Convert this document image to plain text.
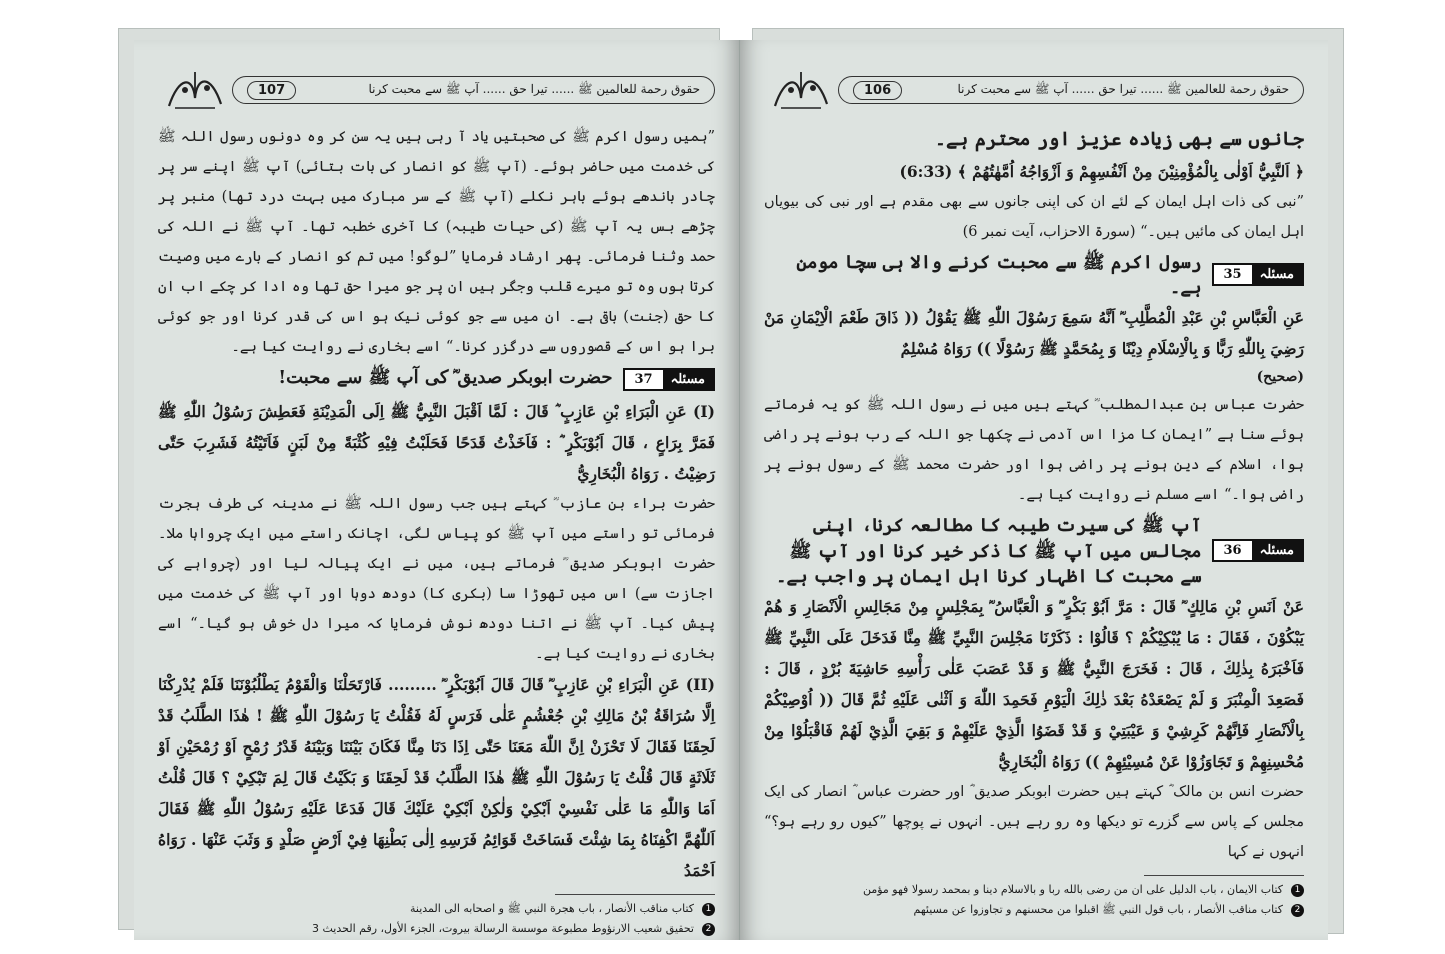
حقوق رحمة للعالمین ﷺ ...... تیرا حق ...... آپ ﷺ سے محبت کرنا
107

”ہمیں رسول اکرم ﷺ کی صحبتیں یاد آ رہی ہیں یہ سن کر وہ دونوں رسول اللہ ﷺ کی خدمت میں حاضر ہوئے۔ (آپ ﷺ کو انصار کی بات بتائی) آپ ﷺ اپنے سر پر چادر باندھے ہوئے باہر نکلے (آپ ﷺ کے سر مبارک میں بہت درد تھا) منبر پر چڑھے بس یہ آپ ﷺ (کی حیات طیبہ) کا آخری خطبہ تھا۔ آپ ﷺ نے اللہ کی حمد وثنا فرمائی۔ پھر ارشاد فرمایا ”لوگو! میں تم کو انصار کے بارے میں وصیت کرتا ہوں وہ تو میرے قلب وجگر ہیں ان پر جو میرا حق تھا وہ ادا کر چکے اب ان کا حق (جنت) باقی ہے۔ ان میں سے جو کوئی نیک ہو اس کی قدر کرنا اور جو کوئی برا ہو اس کے قصوروں سے درگزر کرنا۔“ اسے بخاری نے روایت کیا ہے۔

مسئلہ
37
حضرت ابوبکر صدیق ؓ کی آپ ﷺ سے محبت!

(I) عَنِ الْبَرَاءِ بْنِ عَازِبٍ ؓ قَالَ : لَمَّا اَقْبَلَ النَّبِيُّ ﷺ اِلَى الْمَدِيْنَةِ فَعَطِشَ رَسُوْلُ اللّٰهِ ﷺ فَمَرَّ بِرَاعٍ ، قَالَ اَبُوْبَكْرٍ ؓ : فَاَخَذْتُ قَدَحًا فَحَلَبْتُ فِيْهِ كُثْبَةً مِنْ لَبَنٍ فَاَتَيْتُهُ فَشَرِبَ حَتّٰى رَضِيْتُ . رَوَاهُ الْبُخَارِيُّ

حضرت براء بن عازب ؓ کہتے ہیں جب رسول اللہ ﷺ نے مدینہ کی طرف ہجرت فرمائی تو راستے میں آپ ﷺ کو پیاس لگی، اچانک راستے میں ایک چرواہا ملا۔ حضرت ابوبکر صدیق ؓ فرماتے ہیں، میں نے ایک پیالہ لیا اور (چرواہے کی اجازت سے) اس میں تھوڑا سا (بکری کا) دودھ دوہا اور آپ ﷺ کی خدمت میں پیش کیا۔ آپ ﷺ نے اتنا دودھ نوش فرمایا کہ میرا دل خوش ہو گیا۔“ اسے بخاری نے روایت کیا ہے۔

(II) عَنِ الْبَرَاءِ بْنِ عَازِبٍ ؓ قَالَ قَالَ اَبُوْبَكْرٍ ؓ ......... فَارْتَحَلْنَا وَالْقَوْمُ يَطْلُبُوْنَنَا فَلَمْ يُدْرِكْنَا اِلَّا سُرَاقَةُ بْنُ مَالِكِ بْنِ جُعْشُمٍ عَلٰى فَرَسٍ لَهُ فَقُلْتُ يَا رَسُوْلَ اللّٰهِ ﷺ ! هٰذَا الطَّلَبُ قَدْ لَحِقَنَا فَقَالَ لَا تَحْزَنْ اِنَّ اللّٰهَ مَعَنَا حَتّٰى اِذَا دَنَا مِنَّا فَكَانَ بَيْنَنَا وَبَيْنَهُ قَدْرُ رُمْحٍ اَوْ رُمْحَيْنِ اَوْ ثَلَاثَةٍ قَالَ قُلْتُ يَا رَسُوْلَ اللّٰهِ ﷺ هٰذَا الطَّلَبُ قَدْ لَحِقَنَا وَ بَكَيْتُ قَالَ لِمَ تَبْكِيْ ؟ قَالَ قُلْتُ اَمَا وَاللّٰهِ مَا عَلٰى نَفْسِيْ اَبْكِيْ وَلٰكِنْ اَبْكِيْ عَلَيْكَ قَالَ فَدَعَا عَلَيْهِ رَسُوْلُ اللّٰهِ ﷺ فَقَالَ اَللّٰهُمَّ اكْفِنَاهُ بِمَا شِئْتَ فَسَاخَتْ قَوَائِمُ فَرَسِهِ اِلٰى بَطْنِهَا فِيْ اَرْضٍ صَلْدٍ وَ وَثَبَ عَنْهَا . رَوَاهُ اَحْمَدُ

1
كتاب مناقب الأنصار ، باب هجرة النبي ﷺ و اصحابه الى المدينة

2
تحقيق شعيب الارنؤوط مطبوعة موسسة الرسالة بيروت، الجزء الأول، رقم الحديث 3

حقوق رحمة للعالمین ﷺ ...... تیرا حق ...... آپ ﷺ سے محبت کرنا
106

جانوں سے بھی زیادہ عزیز اور محترم ہے۔

﴿ اَلنَّبِيُّ اَوْلٰى بِالْمُؤْمِنِيْنَ مِنْ اَنْفُسِهِمْ وَ اَزْوَاجُهُ اُمَّهٰتُهُمْ ﴾ (6:33)

”نبی کی ذات اہل ایمان کے لئے ان کی اپنی جانوں سے بھی مقدم ہے اور نبی کی بیویاں اہل ایمان کی مائیں ہیں۔“ (سورۃ الاحزاب، آیت نمبر 6)

مسئلہ
35
رسول اکرم ﷺ سے محبت کرنے والا ہی سچا مومن ہے۔

عَنِ الْعَبَّاسِ بْنِ عَبْدِ الْمُطَّلِبِ ؓ اَنَّهُ سَمِعَ رَسُوْلَ اللّٰهِ ﷺ يَقُوْلُ (( ذَاقَ طَعْمَ الْاِيْمَانِ مَنْ رَضِيَ بِاللّٰهِ رَبًّا وَ بِالْاِسْلَامِ دِيْنًا وَ بِمُحَمَّدٍ ﷺ رَسُوْلًا )) رَوَاهُ مُسْلِمٌ

(صحیح)

حضرت عباس بن عبدالمطلب ؓ کہتے ہیں میں نے رسول اللہ ﷺ کو یہ فرماتے ہوئے سنا ہے ”ایمان کا مزا اس آدمی نے چکھا جو اللہ کے رب ہونے پر راضی ہوا، اسلام کے دین ہونے پر راضی ہوا اور حضرت محمد ﷺ کے رسول ہونے پر راضی ہوا۔“ اسے مسلم نے روایت کیا ہے۔

مسئلہ
36
آپ ﷺ کی سیرت طیبہ کا مطالعہ کرنا، اپنی مجالس میں آپ ﷺ کا ذکر خیر کرنا اور آپ ﷺ سے محبت کا اظہار کرنا اہل ایمان پر واجب ہے۔

عَنْ اَنَسِ بْنِ مَالِكٍ ؓ قَالَ : مَرَّ اَبُوْ بَكْرٍ ؓ وَ الْعَبَّاسُ ؓ بِمَجْلِسٍ مِنْ مَجَالِسِ الْاَنْصَارِ وَ هُمْ يَبْكُوْنَ ، فَقَالَ : مَا يُبْكِيْكُمْ ؟ قَالُوْا : ذَكَرْنَا مَجْلِسَ النَّبِيِّ ﷺ مِنَّا فَدَخَلَ عَلَى النَّبِيِّ ﷺ فَاَخْبَرَهُ بِذٰلِكَ ، قَالَ : فَخَرَجَ النَّبِيُّ ﷺ وَ قَدْ عَصَبَ عَلٰى رَأْسِهِ حَاشِيَةَ بُرْدٍ ، قَالَ : فَصَعِدَ الْمِنْبَرَ وَ لَمْ يَصْعَدْهُ بَعْدَ ذٰلِكَ الْيَوْمِ فَحَمِدَ اللّٰهَ وَ اَثْنٰى عَلَيْهِ ثُمَّ قَالَ (( اُوْصِيْكُمْ بِالْاَنْصَارِ فَاِنَّهُمْ كَرِشِيْ وَ عَيْبَتِيْ وَ قَدْ قَضَوُا الَّذِيْ عَلَيْهِمْ وَ بَقِيَ الَّذِيْ لَهُمْ فَاقْبَلُوْا مِنْ مُحْسِنِهِمْ وَ تَجَاوَزُوْا عَنْ مُسِيْئِهِمْ )) رَوَاهُ الْبُخَارِيُّ

حضرت انس بن مالک ؓ کہتے ہیں حضرت ابوبکر صدیق ؓ اور حضرت عباس ؓ انصار کی ایک مجلس کے پاس سے گزرے تو دیکھا وہ رو رہے ہیں۔ انہوں نے پوچھا ”کیوں رو رہے ہو؟“ انہوں نے کہا

1
كتاب الايمان ، باب الدليل على ان من رضى بالله ربا و بالاسلام دينا و بمحمد رسولا فهو مؤمن

2
كتاب مناقب الأنصار ، باب قول النبي ﷺ اقبلوا من محسنهم و تجاوزوا عن مسيئهم
